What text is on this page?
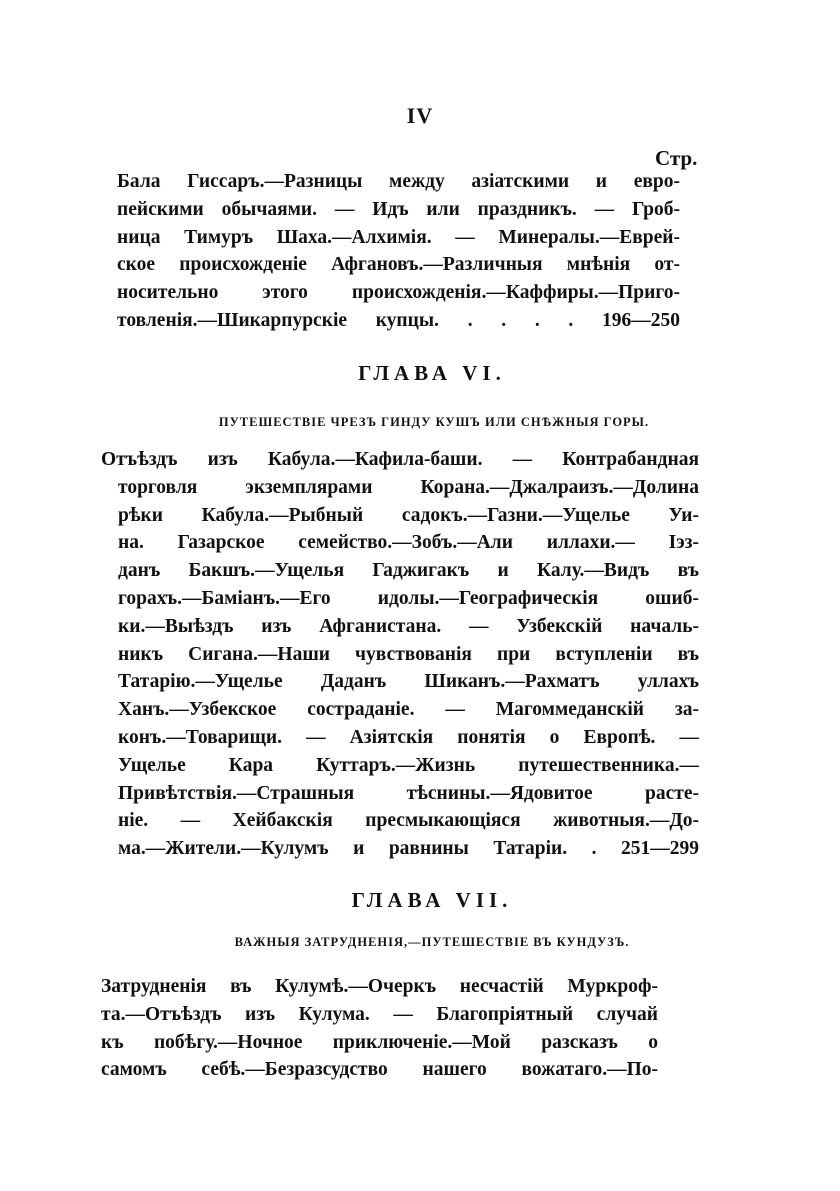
IV
Стр.
Бала Гиссаръ.—Разницы между азіатскими и евро-
пейскими обычаями. — Идъ или праздникъ. — Гроб-
ница Тимуръ Шаха.—Алхимія. — Минералы.—Еврей-
ское происхожденіе Афгановъ.—Различныя мнѣнія от-
носительно этого происхожденія.—Каффиры.—Приго-
товленія.—Шикарпурскіе купцы. . . . . 196—250
ГЛАВА VI.
ПУТЕШЕСТВІЕ ЧРЕЗЪ ГИНДУ КУШЪ ИЛИ СНѢЖНЫЯ ГОРЫ.
Отъѣздъ изъ Кабула.—Кафила-баши. — Контрабандная
торговля экземплярами Корана.—Джалраизъ.—Долина
рѣки Кабула.—Рыбный садокъ.—Газни.—Ущелье Уи-
на. Газарское семейство.—Зобъ.—Али иллахи.— Іэз-
данъ Бакшъ.—Ущелья Гаджигакъ и Калу.—Видъ въ
горахъ.—Баміанъ.—Его идолы.—Географическія ошиб-
ки.—Выѣздъ изъ Афганистана. — Узбекскій началь-
никъ Сигана.—Наши чувствованія при вступленіи въ
Татарію.—Ущелье Даданъ Шиканъ.—Рахматъ уллахъ
Ханъ.—Узбекское состраданіе. — Магоммеданскій за-
конъ.—Товарищи. — Азіятскія понятія о Европѣ. —
Ущелье Кара Куттаръ.—Жизнь путешественника.—
Привѣтствія.—Страшныя тѣснины.—Ядовитое расте-
ніе. — Хейбакскія пресмыкающіяся животныя.—До-
ма.—Жители.—Кулумъ и равнины Татаріи. . 251—299
ГЛАВА VII.
ВАЖНЫЯ ЗАТРУДНЕНІЯ,—ПУТЕШЕСТВІЕ ВЪ КУНДУЗЪ.
Затрудненія въ Кулумѣ.—Очеркъ несчастій Муркроф-
та.—Отъѣздъ изъ Кулума. — Благопріятный случай
къ побѣгу.—Ночное приключеніе.—Мой разсказъ о
самомъ себѣ.—Безразсудство нашего вожатаго.—По-
